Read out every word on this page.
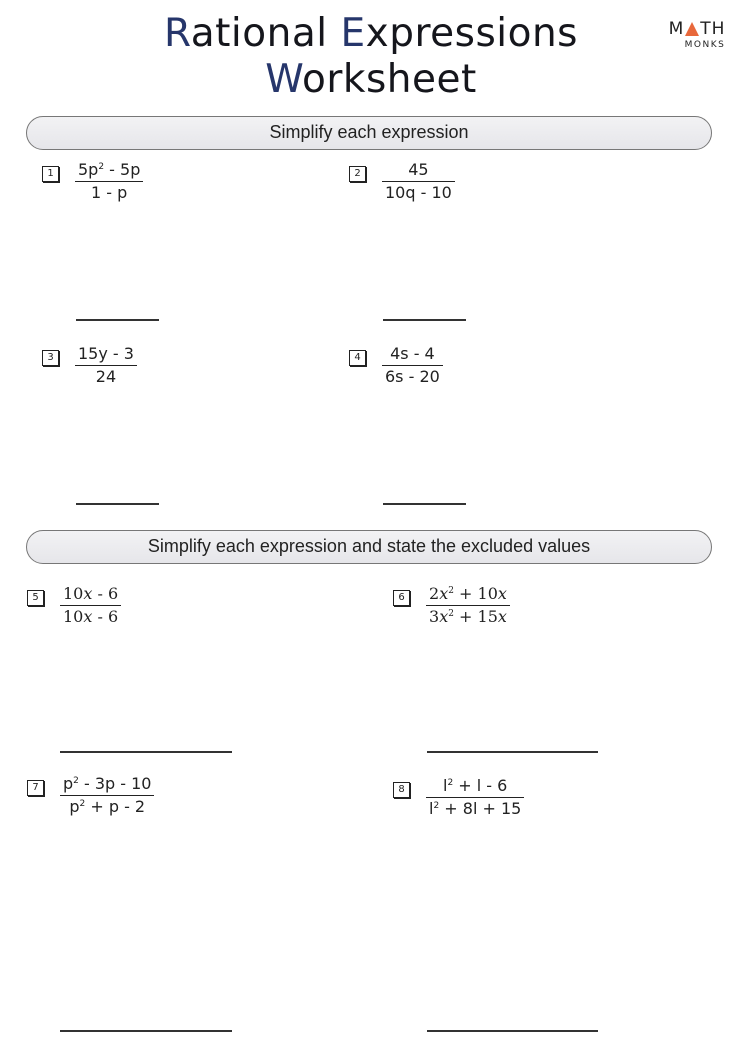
Rational Expressions
Worksheet
M TH
MONKS
Simplify each expression
1	$\frac{5p^2 - 5p}{1 - p}$	2	$\frac{45}{10q - 10}$
3	$\frac{15y - 3}{24}$	4	$\frac{4s - 4}{6s - 20}$
Simplify each expression and state the excluded values
5	$\frac{10x - 6}{10x - 6}$	6	$\frac{2x^2 + 10x}{3x^2 + 15x}$
7	$\frac{p^2 - 3p - 10}{p^2 + p - 2}$	8	$\frac{l^2 + l - 6}{l^2 + 8l + 15}$
